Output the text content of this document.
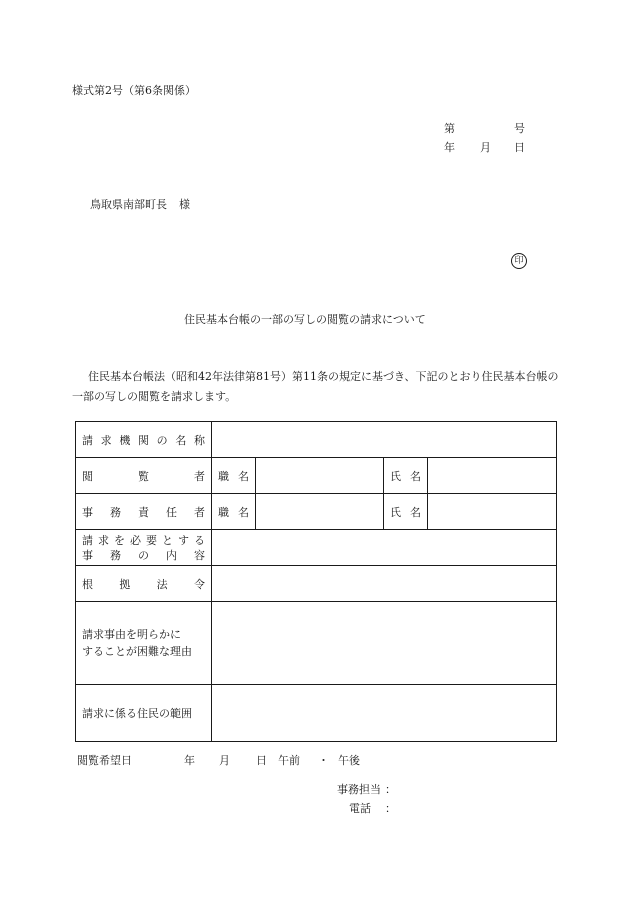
様式第2号（第6条関係）
第	号
年 月 日
鳥取県南部町長 様
印
住民基本台帳の一部の写しの閲覧の請求について
住民基本台帳法（昭和42年法律第81号）第11条の規定に基づき、下記のとおり住民基本台帳の一部の写しの閲覧を請求します。
請求機関の名称				
閲覧者	職名		氏名	
事務責任者	職名		氏名	

請求を必要とする
事務の内容				

根拠法令				

請求事由を明らかに
することが困難な理由				

請求に係る住民の範囲				
閲覧希望日	年 月 日 午前 ・ 午後
事務担当 ：
電話 ：
